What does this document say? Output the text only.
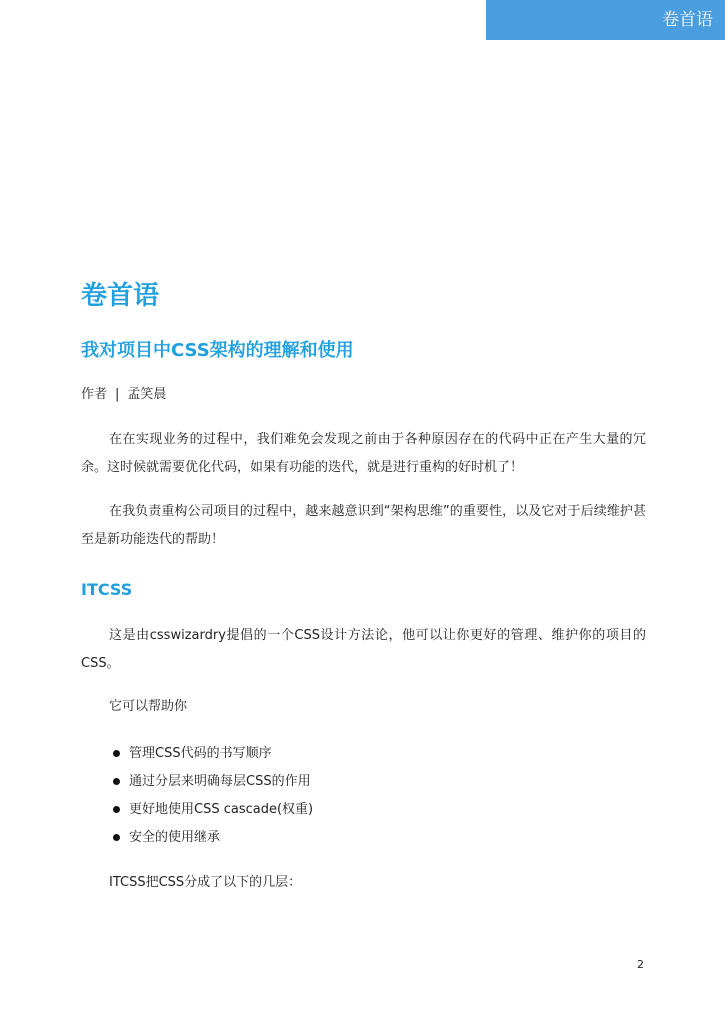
卷首语
卷首语
我对项目中CSS架构的理解和使用
作者 | 孟笑晨

在在实现业务的过程中，我们难免会发现之前由于各种原因存在的代码中正在产生大量的冗余。这时候就需要优化代码，如果有功能的迭代，就是进行重构的好时机了！

在我负责重构公司项目的过程中，越来越意识到“架构思维”的重要性，以及它对于后续维护甚至是新功能迭代的帮助！

ITCSS

这是由csswizardry提倡的一个CSS设计方法论，他可以让你更好的管理、维护你的项目的CSS。

它可以帮助你

管理CSS代码的书写顺序
通过分层来明确每层CSS的作用
更好地使用CSS cascade(权重)
安全的使用继承

ITCSS把CSS分成了以下的几层：

2
